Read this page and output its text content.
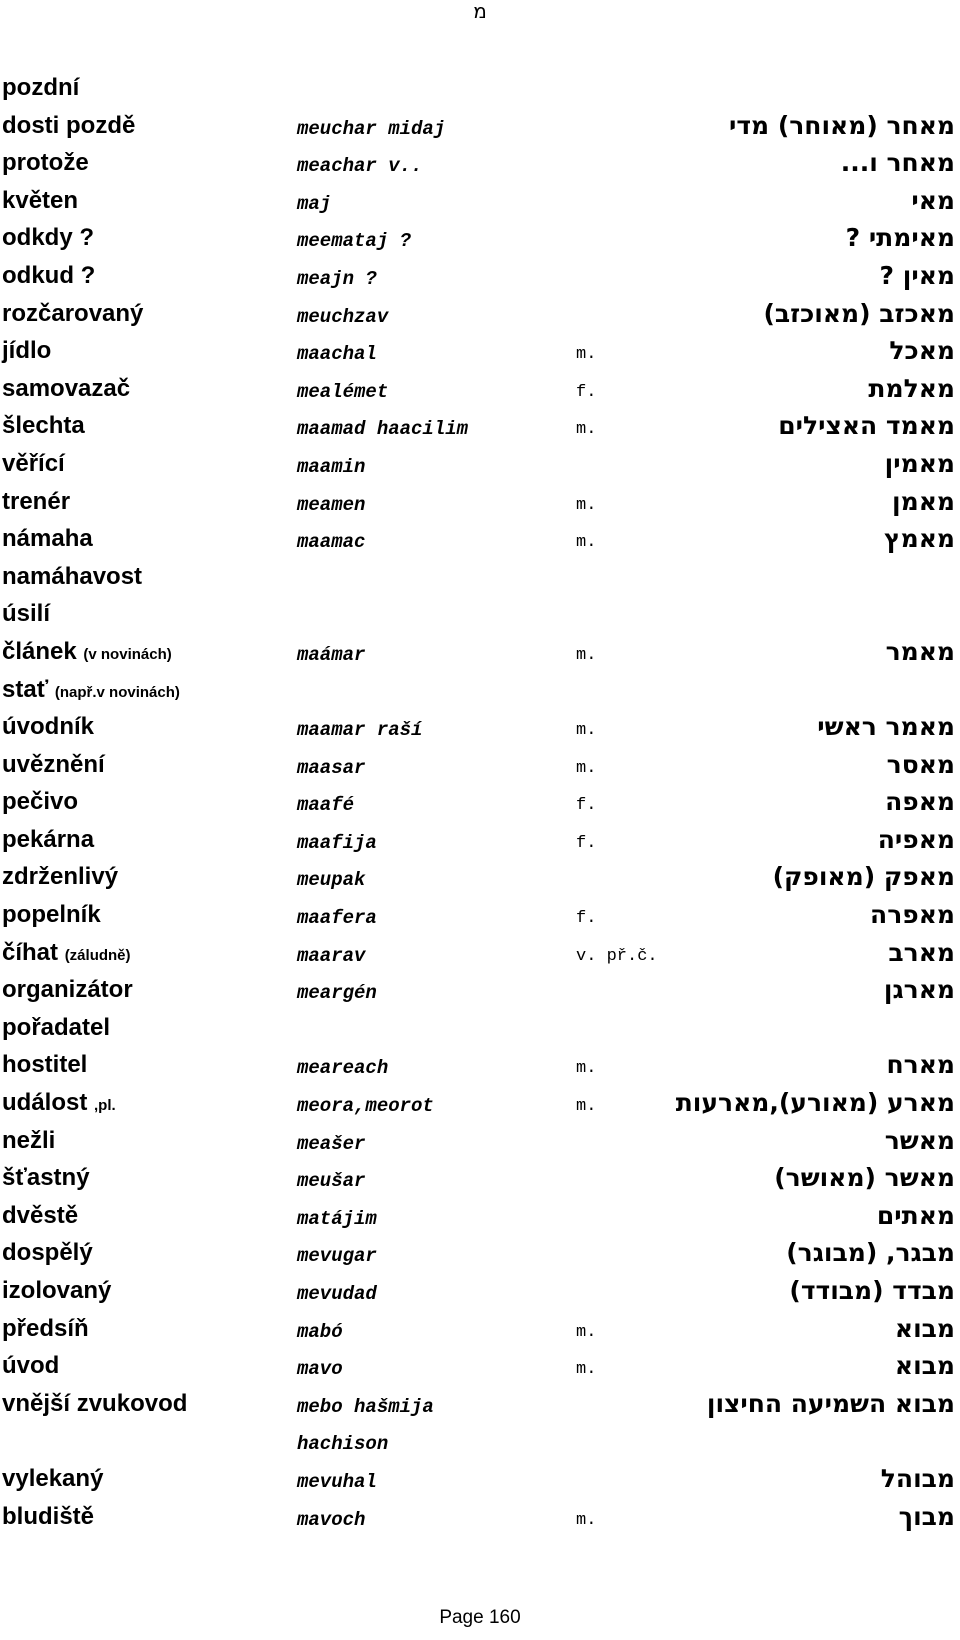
מ
pozdní
dosti pozdě	meuchar midaj	מאחר (מאוחר) מדי
protože	meachar v..	מאחר ו...
květen	maj	מאי
odkdy ?	meemataj ?	מאימתי ?
odkud ?	meajn ?	מאין ?
rozčarovaný	meuchzav	מאכזב (מאוכזב)
jídlo	maachal	m.	מאכל
samovazač	mealémet	f.	מאלמת
šlechta	maamad haacilim	m.	מאמד האצילים
věřící	maamin	מאמין
trenér	meamen	m.	מאמן
námaha	maamac	m.	מאמץ
namáhavost
úsilí
článek (v novinách)	maámar	m.	מאמר
stať (např.v novinách)
úvodník	maamar raší	m.	מאמר ראשי
uvěznění	maasar	m.	מאסר
pečivo	maafé	f.	מאפה
pekárna	maafija	f.	מאפיה
zdrženlivý	meupak	מאפק (מאופק)
popelník	maafera	f.	מאפרה
číhat (záludně)	maarav	v. př.č.	מארב
organizátor	meargén	מארגן
pořadatel
hostitel	meareach	m.	מארח
událost ,pl.	meora,meorot	m.	מארע (מאורע),מארעות
nežli	meašer	מאשר
šťastný	meušar	מאשר (מאושר)
dvěstě	matájim	מאתים
dospělý	mevugar	מבגר, (מבוגר)
izolovaný	mevudad	מבדד (מבודד)
předsíň	mabó	m.	מבוא
úvod	mavo	m.	מבוא
vnější zvukovod	mebo hašmija	מבוא השמיעה החיצון
hachison
vylekaný	mevuhal	מבוהל
bludiště	mavoch	m.	מבוך
Page 160
